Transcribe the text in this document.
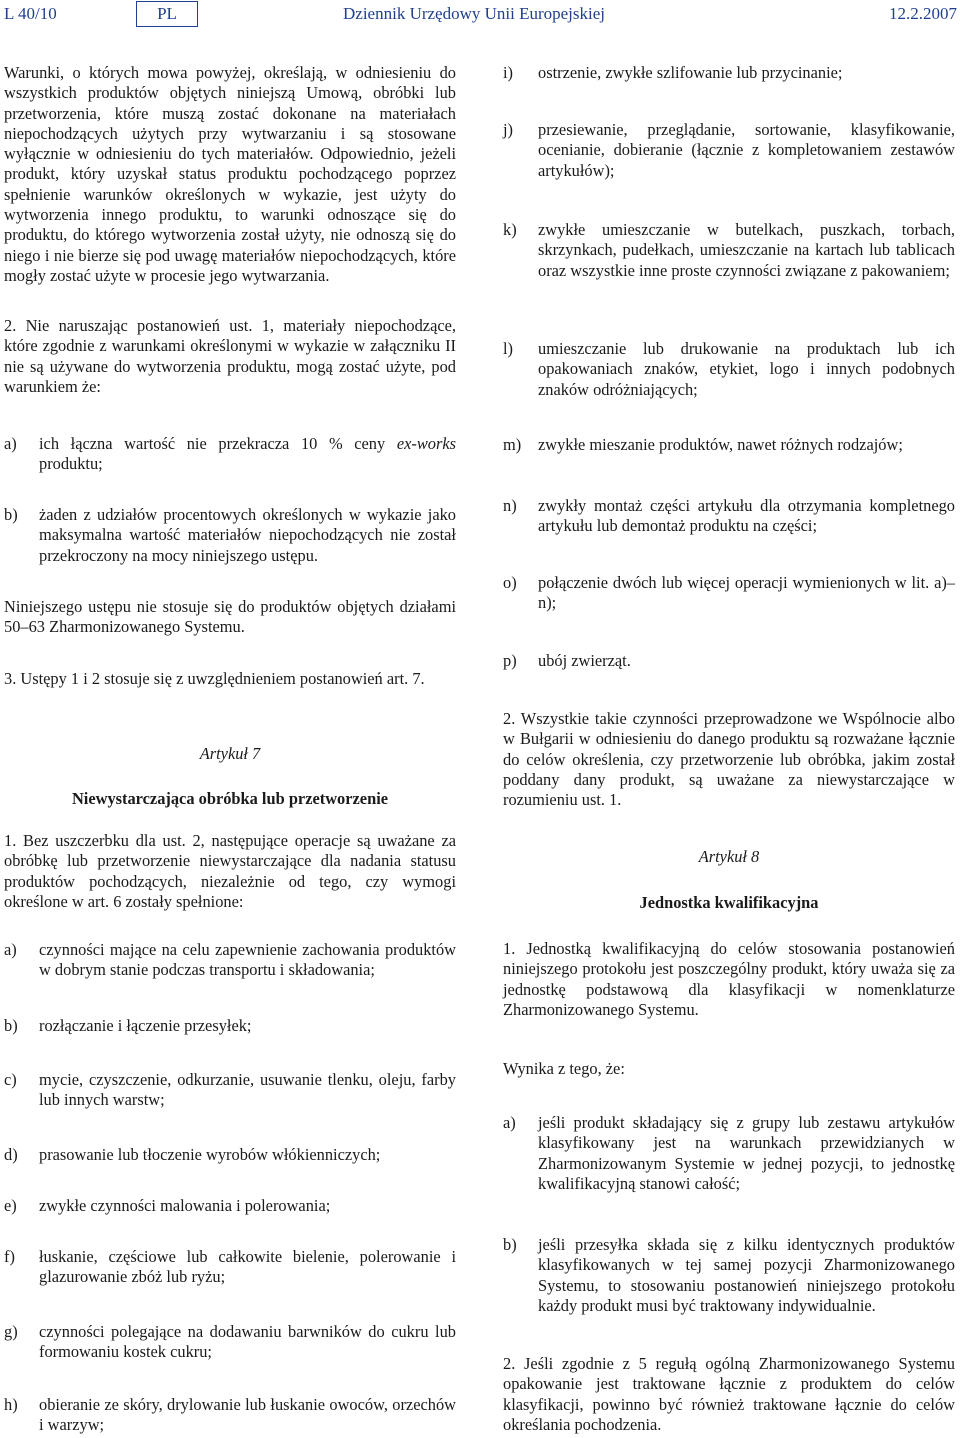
L 40/10	PL	Dziennik Urzędowy Unii Europejskiej	12.2.2007

Warunki, o których mowa powyżej, określają, w odniesieniu do wszystkich produktów objętych niniejszą Umową, obróbki lub przetworzenia, które muszą zostać dokonane na materiałach niepochodzących użytych przy wytwarzaniu i są stosowane wyłącznie w odniesieniu do tych materiałów. Odpowiednio, jeżeli produkt, który uzyskał status produktu pochodzącego poprzez spełnienie warunków określonych w wykazie, jest użyty do wytworzenia innego produktu, to warunki odnoszące się do produktu, do którego wytworzenia został użyty, nie odnoszą się do niego i nie bierze się pod uwagę materiałów niepochodzących, które mogły zostać użyte w procesie jego wytwarzania.

2. Nie naruszając postanowień ust. 1, materiały niepochodzące, które zgodnie z warunkami określonymi w wykazie w załączniku II nie są używane do wytworzenia produktu, mogą zostać użyte, pod warunkiem że:

a) ich łączna wartość nie przekracza 10 % ceny ex-works produktu;
b) żaden z udziałów procentowych określonych w wykazie jako maksymalna wartość materiałów niepochodzących nie został przekroczony na mocy niniejszego ustępu.

Niniejszego ustępu nie stosuje się do produktów objętych działami 50–63 Zharmonizowanego Systemu.

3. Ustępy 1 i 2 stosuje się z uwzględnieniem postanowień art. 7.

Artykuł 7

Niewystarczająca obróbka lub przetworzenie

1. Bez uszczerbku dla ust. 2, następujące operacje są uważane za obróbkę lub przetworzenie niewystarczające dla nadania statusu produktów pochodzących, niezależnie od tego, czy wymogi określone w art. 6 zostały spełnione:

a) czynności mające na celu zapewnienie zachowania produktów w dobrym stanie podczas transportu i składowania;
b) rozłączanie i łączenie przesyłek;
c) mycie, czyszczenie, odkurzanie, usuwanie tlenku, oleju, farby lub innych warstw;
d) prasowanie lub tłoczenie wyrobów włókienniczych;
e) zwykłe czynności malowania i polerowania;
f) łuskanie, częściowe lub całkowite bielenie, polerowanie i glazurowanie zbóż lub ryżu;
g) czynności polegające na dodawaniu barwników do cukru lub formowaniu kostek cukru;
h) obieranie ze skóry, drylowanie lub łuskanie owoców, orzechów i warzyw;
i) ostrzenie, zwykłe szlifowanie lub przycinanie;
j) przesiewanie, przeglądanie, sortowanie, klasyfikowanie, ocenianie, dobieranie (łącznie z kompletowaniem zestawów artykułów);
k) zwykłe umieszczanie w butelkach, puszkach, torbach, skrzynkach, pudełkach, umieszczanie na kartach lub tablicach oraz wszystkie inne proste czynności związane z pakowaniem;
l) umieszczanie lub drukowanie na produktach lub ich opakowaniach znaków, etykiet, logo i innych podobnych znaków odróżniających;
m) zwykłe mieszanie produktów, nawet różnych rodzajów;
n) zwykły montaż części artykułu dla otrzymania kompletnego artykułu lub demontaż produktu na części;
o) połączenie dwóch lub więcej operacji wymienionych w lit. a)–n);
p) ubój zwierząt.

2. Wszystkie takie czynności przeprowadzone we Wspólnocie albo w Bułgarii w odniesieniu do danego produktu są rozważane łącznie do celów określenia, czy przetworzenie lub obróbka, jakim został poddany dany produkt, są uważane za niewystarczające w rozumieniu ust. 1.

Artykuł 8

Jednostka kwalifikacyjna

1. Jednostką kwalifikacyjną do celów stosowania postanowień niniejszego protokołu jest poszczególny produkt, który uważa się za jednostkę podstawową dla klasyfikacji w nomenklaturze Zharmonizowanego Systemu.

Wynika z tego, że:

a) jeśli produkt składający się z grupy lub zestawu artykułów klasyfikowany jest na warunkach przewidzianych w Zharmonizowanym Systemie w jednej pozycji, to jednostkę kwalifikacyjną stanowi całość;
b) jeśli przesyłka składa się z kilku identycznych produktów klasyfikowanych w tej samej pozycji Zharmonizowanego Systemu, to stosowaniu postanowień niniejszego protokołu każdy produkt musi być traktowany indywidualnie.

2. Jeśli zgodnie z 5 regułą ogólną Zharmonizowanego Systemu opakowanie jest traktowane łącznie z produktem do celów klasyfikacji, powinno być również traktowane łącznie do celów określania pochodzenia.
